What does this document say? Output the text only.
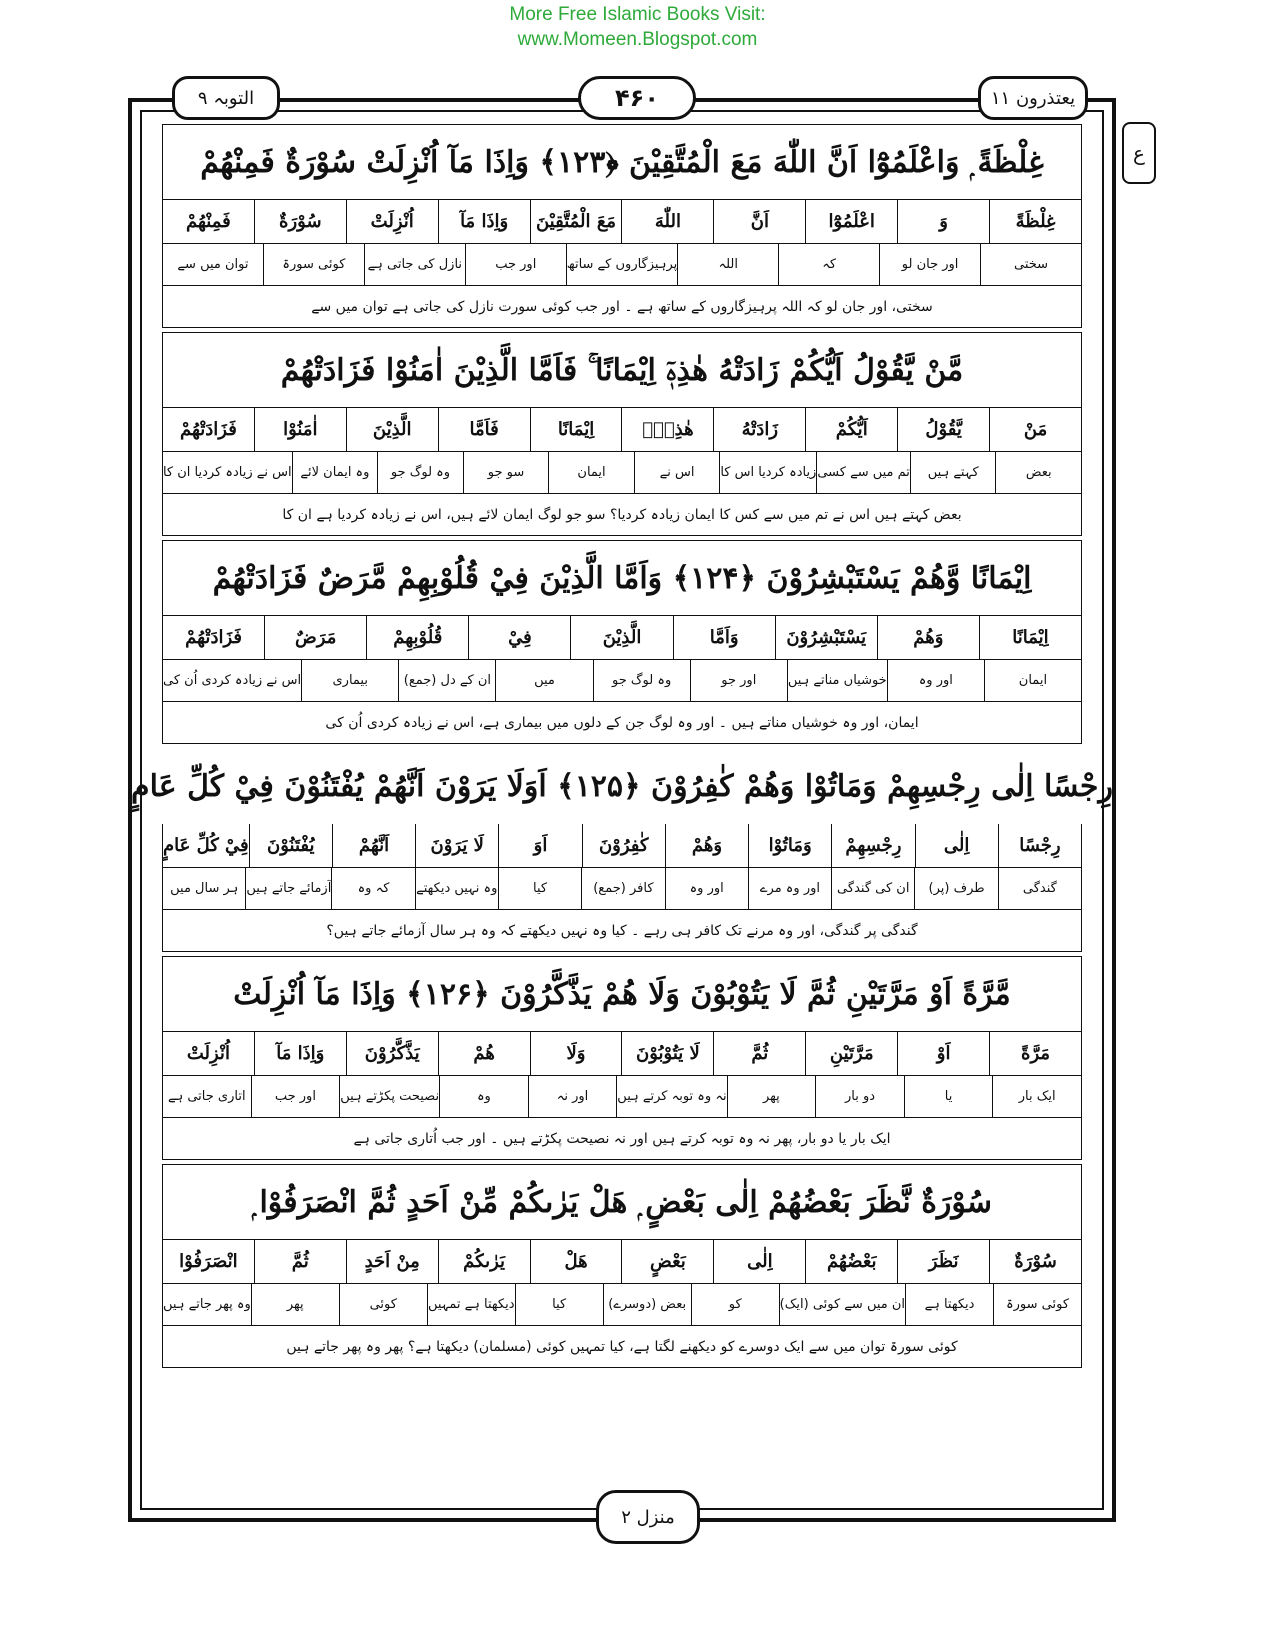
More Free Islamic Books Visit:
www.Momeen.Blogspot.com
التوبہ ۹	۴۶۰	یعتذرون ۱۱
ع
غِلْظَةً ۭ وَاعْلَمُوْٓا اَنَّ اللّٰهَ مَعَ الْمُتَّقِيْنَ ﴿۱۲۳﴾ وَاِذَا مَآ اُنْزِلَتْ سُوْرَةٌ فَمِنْهُمْ
غِلْظَةً
وَ
اعْلَمُوْٓا
اَنَّ
اللّٰهَ
مَعَ الْمُتَّقِيْنَ
وَاِذَا مَآ
اُنْزِلَتْ
سُوْرَةٌ
فَمِنْهُمْ
سختی
اور جان لو
کہ
اللہ
پرہیزگاروں کے ساتھ
اور جب
نازل کی جاتی ہے
کوئی سورۃ
توان میں سے
سختی، اور جان لو کہ اللہ پرہیزگاروں کے ساتھ ہے ۔ اور جب کوئی سورت نازل کی جاتی ہے توان میں سے
مَّنْ يَّقُوْلُ اَيُّكُمْ زَادَتْهُ هٰذِهٖٓ اِيْمَانًا ۚ فَاَمَّا الَّذِيْنَ اٰمَنُوْا فَزَادَتْهُمْ
مَنْ
يَّقُوْلُ
اَيُّكُمْ
زَادَتْهُ
هٰذِهٖٓ
اِيْمَانًا
فَاَمَّا
الَّذِيْنَ
اٰمَنُوْا
فَزَادَتْهُمْ
بعض
کہتے ہیں
تم میں سے کسی
زیادہ کردیا اس کا
اس نے
ایمان
سو جو
وہ لوگ جو
وہ ایمان لائے
اس نے زیادہ کردیا ان کا
بعض کہتے ہیں اس نے تم میں سے کس کا ایمان زیادہ کردیا؟ سو جو لوگ ایمان لائے ہیں، اس نے زیادہ کردیا ہے ان کا
اِيْمَانًا وَّهُمْ يَسْتَبْشِرُوْنَ ﴿۱۲۴﴾ وَاَمَّا الَّذِيْنَ فِيْ قُلُوْبِهِمْ مَّرَضٌ فَزَادَتْهُمْ
اِيْمَانًا
وَهُمْ
يَسْتَبْشِرُوْنَ
وَاَمَّا
الَّذِيْنَ
فِيْ
قُلُوْبِهِمْ
مَرَضٌ
فَزَادَتْهُمْ
ایمان
اور وہ
خوشیاں مناتے ہیں
اور جو
وہ لوگ جو
میں
ان کے دل (جمع)
بیماری
اس نے زیادہ کردی اُن کی
ایمان، اور وہ خوشیاں مناتے ہیں ۔ اور وہ لوگ جن کے دلوں میں بیماری ہے، اس نے زیادہ کردی اُن کی
رِجْسًا اِلٰى رِجْسِهِمْ وَمَاتُوْا وَهُمْ كٰفِرُوْنَ ﴿۱۲۵﴾ اَوَلَا يَرَوْنَ اَنَّهُمْ يُفْتَنُوْنَ فِيْ كُلِّ عَامٍ
رِجْسًا
اِلٰى
رِجْسِهِمْ
وَمَاتُوْا
وَهُمْ
كٰفِرُوْنَ
اَوَ
لَا يَرَوْنَ
اَنَّهُمْ
يُفْتَنُوْنَ
فِيْ كُلِّ عَامٍ
گندگی
طرف (پر)
ان کی گندگی
اور وہ مرے
اور وہ
کافر (جمع)
کیا
وہ نہیں دیکھتے
کہ وہ
آزمائے جاتے ہیں
ہر سال میں
گندگی پر گندگی، اور وہ مرنے تک کافر ہی رہے ۔ کیا وہ نہیں دیکھتے کہ وہ ہر سال آزمائے جاتے ہیں؟
مَّرَّةً اَوْ مَرَّتَيْنِ ثُمَّ لَا يَتُوْبُوْنَ وَلَا هُمْ يَذَّكَّرُوْنَ ﴿۱۲۶﴾ وَاِذَا مَآ اُنْزِلَتْ
مَرَّةً
اَوْ
مَرَّتَيْنِ
ثُمَّ
لَا يَتُوْبُوْنَ
وَلَا
هُمْ
يَذَّكَّرُوْنَ
وَاِذَا مَآ
اُنْزِلَتْ
ایک بار
یا
دو بار
پھر
نہ وہ توبہ کرتے ہیں
اور نہ
وہ
نصیحت پکڑتے ہیں
اور جب
اتاری جاتی ہے
ایک بار یا دو بار، پھر نہ وہ توبہ کرتے ہیں اور نہ نصیحت پکڑتے ہیں ۔ اور جب اُتاری جاتی ہے
سُوْرَةٌ نَّظَرَ بَعْضُهُمْ اِلٰى بَعْضٍ ۭ هَلْ يَرٰىكُمْ مِّنْ اَحَدٍ ثُمَّ انْصَرَفُوْا ۭ
سُوْرَةٌ
نَظَرَ
بَعْضُهُمْ
اِلٰى
بَعْضٍ
هَلْ
يَرٰىكُمْ
مِنْ اَحَدٍ
ثُمَّ
انْصَرَفُوْا
کوئی سورۃ
دیکھتا ہے
ان میں سے کوئی (ایک)
کو
بعض (دوسرے)
کیا
دیکھتا ہے تمہیں
کوئی
پھر
وہ پھر جاتے ہیں
کوئی سورۃ توان میں سے ایک دوسرے کو دیکھنے لگتا ہے، کیا تمہیں کوئی (مسلمان) دیکھتا ہے؟ پھر وہ پھر جاتے ہیں
منزل ۲
